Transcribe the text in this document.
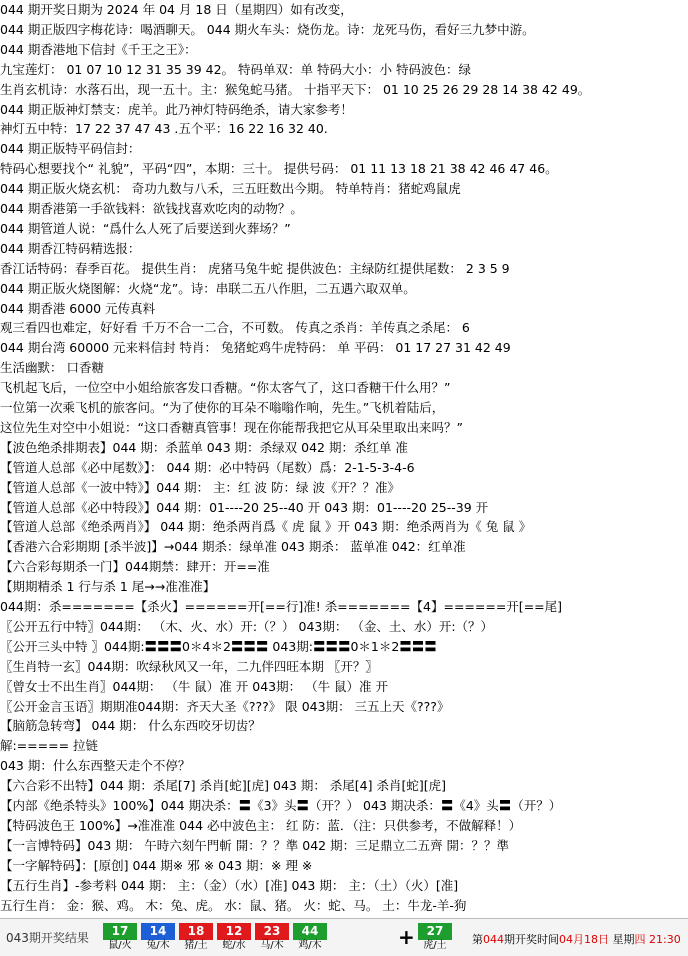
044 期开奖日期为 2024 年 04 月 18 日（星期四）如有改变，
044 期正版四字梅花诗：喝酒聊天。 044 期火车头：烧伤龙。诗：龙死马伤，看好三九梦中游。
044 期香港地下信封《千王之王》：
九宝莲灯： 01 07 10 12 31 35 39 42。 特码单双：单 特码大小：小 特码波色：绿
生肖玄机诗：水落石出，现一五十。主：猴兔蛇马猪。 十指平天下： 01 10 25 26 29 28 14 38 42 49。
044 期正版神灯禁支：虎羊。此乃神灯特码绝杀，请大家参考！
神灯五中特：17 22 37 47 43 .五个平：16 22 16 32 40.
044 期正版特平码信封：
特码心想要找个“ 礼貌”，平码“四”，本期：三十。 提供号码： 01 11 13 18 21 38 42 46 47 46。
044 期正版火烧玄机： 奇功九数与八禾，三五旺数出今期。 特单特肖：猪蛇鸡鼠虎
044 期香港第一手欲钱料：欲钱找喜欢吃肉的动物？。
044 期管道人说：“爲什么人死了后要送到火葬场？”
044 期香江特码精选报：
香江话特码：春季百花。 提供生肖： 虎猪马兔牛蛇 提供波色：主绿防红提供尾数： 2 3 5 9
044 期正版火烧图解：火烧“龙”。诗：串联二五八作胆，二五遇六取双单。
044 期香港 6000 元传真料
观三看四也难定，好好看 千万不合一二合，不可数。 传真之杀肖：羊传真之杀尾： 6
044 期台湾 60000 元来料信封 特肖： 兔猪蛇鸡牛虎特码： 单 平码： 01 17 27 31 42 49
生活幽默： 口香糖
飞机起飞后，一位空中小姐给旅客发口香糖。“你太客气了，这口香糖干什么用？”
一位第一次乘飞机的旅客问。“为了使你的耳朵不嗡嗡作响，先生。”飞机着陆后，
这位先生对空中小姐说：“这口香糖真管事！现在你能帮我把它从耳朵里取出来吗？”
【波色绝杀排期表】044 期：杀蓝单 043 期：杀绿双 042 期：杀红单 准
【管道人总部《必中尾数》】： 044 期：必中特码（尾数）爲：2-1-5-3-4-6
【管道人总部《一波中特》】044 期： 主：红 波 防：绿 波《开？？准》
【管道人总部《必中特段》】044 期：01----20 25--40 开 043 期：01----20 25--39 开
【管道人总部《绝杀两肖》】 044 期：绝杀两肖爲《 虎 鼠 》开 043 期：绝杀两肖为《 兔 鼠 》
【香港六合彩期期 [杀半波]】→044 期杀：绿单准 043 期杀： 蓝单准 042：红单准
【六合彩每期杀一门】044期禁：肆开：开==准
【期期精杀 1 行与杀 1 尾→→准准准】
044期：杀=======【杀火】======开[==行]准! 杀=======【4】======开[==尾]
〖公开五行中特〗044期： （木、火、水）开:（？） 043期： （金、土、水）开:（？）
〖公开三头中特 〗044期:〓〓〓0＊4＊2〓〓〓 043期:〓〓〓0＊1＊2〓〓〓
〖生肖特一玄〗044期：吹绿秋风又一年，二九伴四旺本期 〖开？〗
〖曾女士不出生肖〗044期： （牛 鼠）准 开 043期： （牛 鼠）准 开
〖公开金言玉语〗期期准044期：齐天大圣《???》 限 043期： 三五上天《???》
【脑筋急转弯】 044 期： 什么东西咬牙切齿？
解:===== 拉链
043 期：什么东西整天走个不停？
【六合彩不出特】044 期：杀尾[7] 杀肖[蛇][虎] 043 期： 杀尾[4] 杀肖[蛇][虎]
【内部《绝杀特头》100%】044 期决杀：〓《3》头〓（开？） 043 期决杀：〓《4》头〓（开？）
【特码波色王 100%】→准准准 044 必中波色主： 红 防：蓝．（注：只供参考，不做解释！）
【一言博特码】043 期： 午時六刻午門斬 開：？？準 042 期：三足鼎立二五齊 開：？？準
【一字解特码】：[原创] 044 期※ 邪 ※ 043 期：※ 理 ※
【五行生肖】-参考料 044 期： 主：（金）（水）[准] 043 期： 主：（土）（火）[准]
五行生肖： 金：猴、鸡。 木：兔、虎。 水：鼠、猪。 火：蛇、马。 土：牛龙-羊-狗
043期开奖结果	17
鼠/火
14
兔/木
18
猪/土
12
蛇/水
23
马/木
44
鸡/木
27
虎/土
+	第044期开奖时间04月18日 星期四 21:30
